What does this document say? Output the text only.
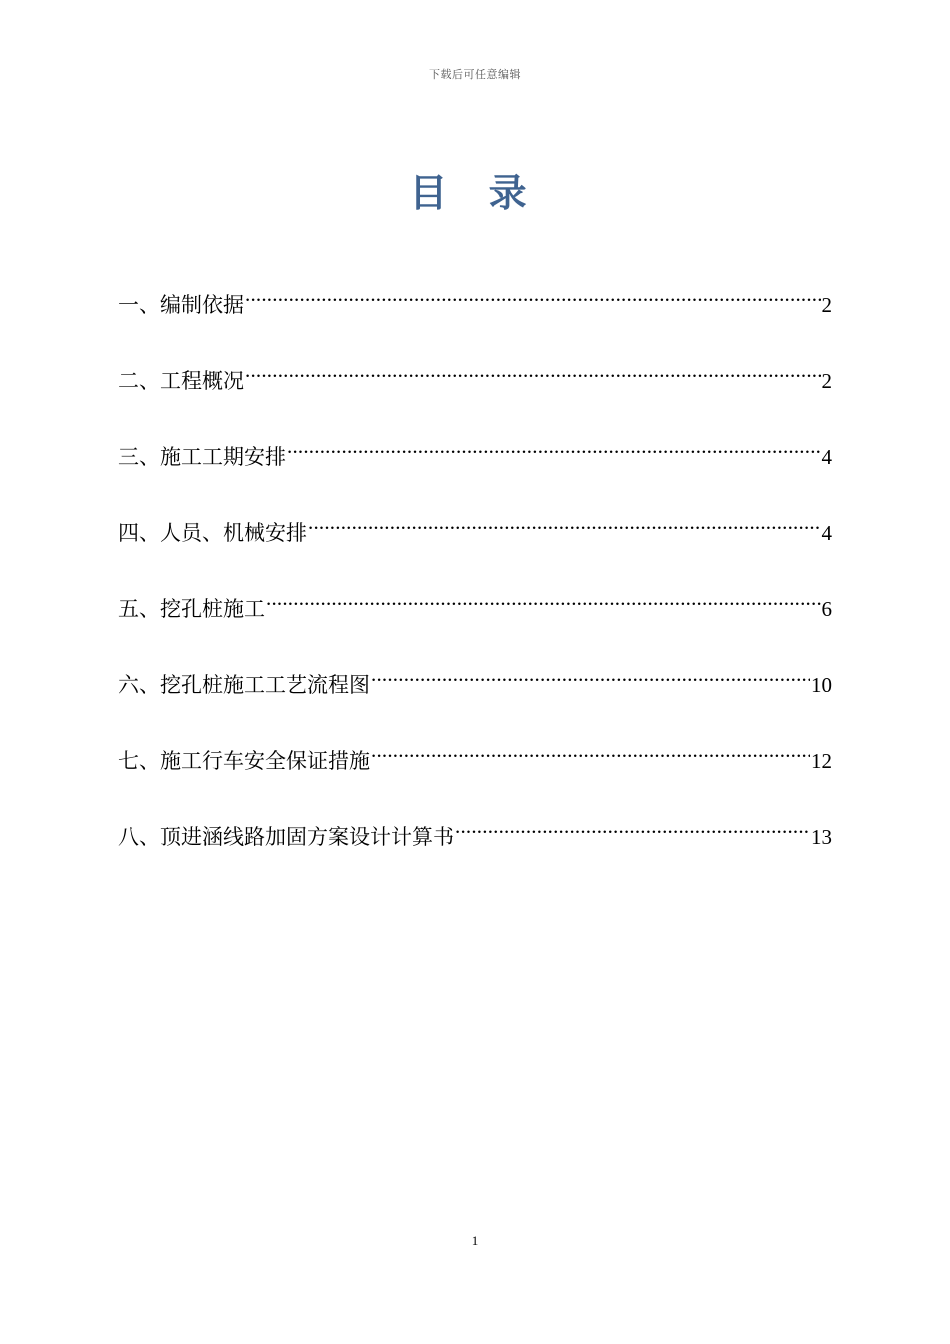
下载后可任意编辑
目 录
一、编制依据 .....	2
二、工程概况 .....	2
三、施工工期安排 .....	4
四、人员、机械安排 .....	4
五、挖孔桩施工 .....	6
六、挖孔桩施工工艺流程图 .....	10
七、施工行车安全保证措施 .....	12
八、顶进涵线路加固方案设计计算书 .....	13
1
